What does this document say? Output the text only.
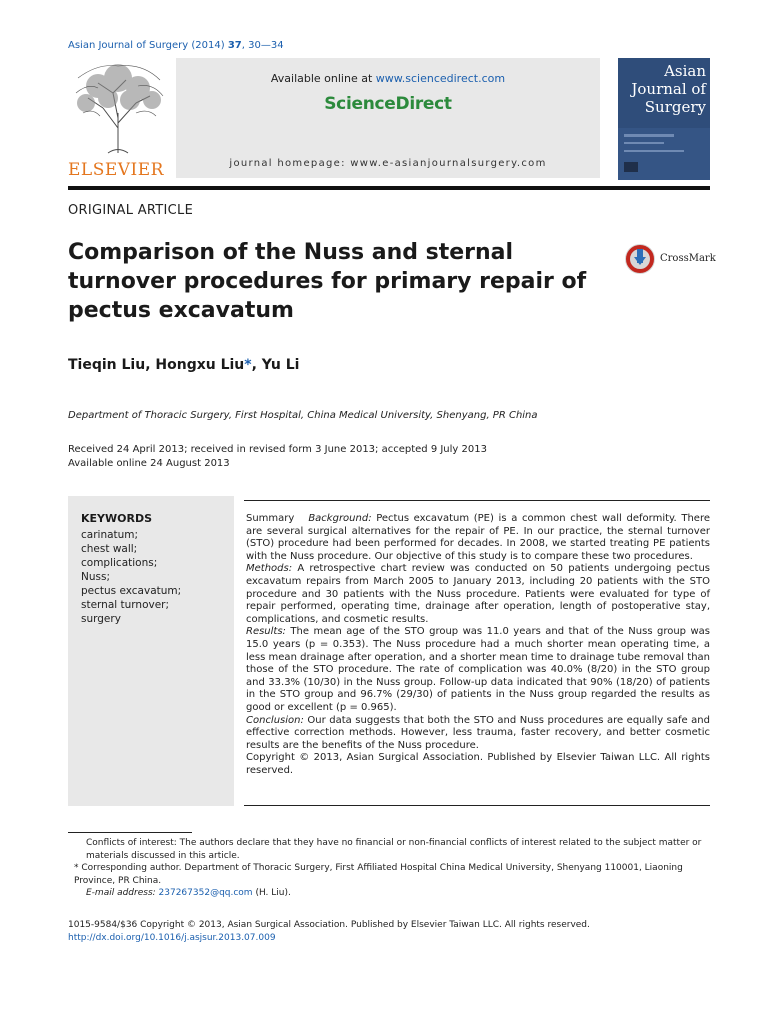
Asian Journal of Surgery (2014) 37, 30—34
ELSEVIER
Available online at www.sciencedirect.com
ScienceDirect
journal homepage: www.e-asianjournalsurgery.com
Asian Journal of Surgery
ORIGINAL ARTICLE
Comparison of the Nuss and sternal turnover procedures for primary repair of pectus excavatum
CrossMark
Tieqin Liu, Hongxu Liu*, Yu Li
Department of Thoracic Surgery, First Hospital, China Medical University, Shenyang, PR China
Received 24 April 2013; received in revised form 3 June 2013; accepted 9 July 2013
Available online 24 August 2013
KEYWORDS
carinatum;
chest wall;
complications;
Nuss;
pectus excavatum;
sternal turnover;
surgery

Summary Background: Pectus excavatum (PE) is a common chest wall deformity. There are several surgical alternatives for the repair of PE. In our practice, the sternal turnover (STO) procedure had been performed for decades. In 2008, we started treating PE patients with the Nuss procedure. Our objective of this study is to compare these two procedures.

Methods: A retrospective chart review was conducted on 50 patients undergoing pectus excavatum repairs from March 2005 to January 2013, including 20 patients with the STO procedure and 30 patients with the Nuss procedure. Patients were evaluated for type of repair performed, operating time, drainage after operation, length of postoperative stay, complications, and cosmetic results.

Results: The mean age of the STO group was 11.0 years and that of the Nuss group was 15.0 years (p = 0.353). The Nuss procedure had a much shorter mean operating time, a less mean drainage after operation, and a shorter mean time to drainage tube removal than those of the STO procedure. The rate of complication was 40.0% (8/20) in the STO group and 33.3% (10/30) in the Nuss group. Follow-up data indicated that 90% (18/20) of patients in the STO group and 96.7% (29/30) of patients in the Nuss group regarded the results as good or excellent (p = 0.965).

Conclusion: Our data suggests that both the STO and Nuss procedures are equally safe and effective correction methods. However, less trauma, faster recovery, and better cosmetic results are the benefits of the Nuss procedure.

Copyright © 2013, Asian Surgical Association. Published by Elsevier Taiwan LLC. All rights reserved.

Conflicts of interest: The authors declare that they have no financial or non-financial conflicts of interest related to the subject matter or materials discussed in this article.

* Corresponding author. Department of Thoracic Surgery, First Affiliated Hospital China Medical University, Shenyang 110001, Liaoning Province, PR China.

E-mail address: 237267352@qq.com (H. Liu).

1015-9584/$36 Copyright © 2013, Asian Surgical Association. Published by Elsevier Taiwan LLC. All rights reserved.
http://dx.doi.org/10.1016/j.asjsur.2013.07.009
